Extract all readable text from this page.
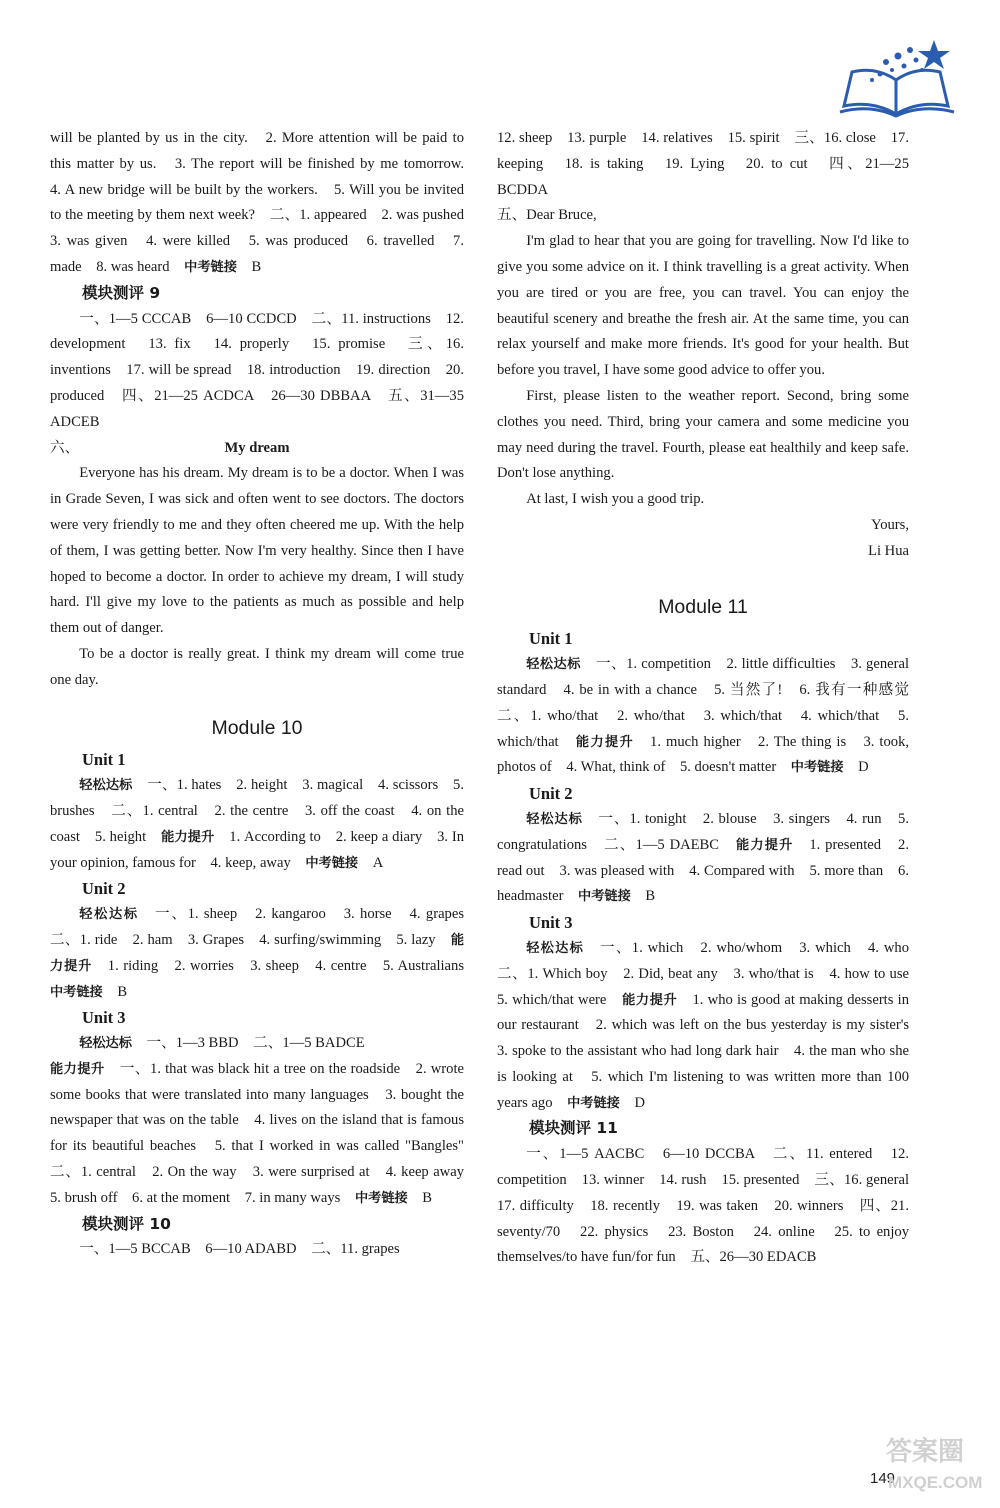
will be planted by us in the city.　2. More attention will be paid to this matter by us.　3. The report will be finished by me tomorrow.　4. A new bridge will be built by the workers.　5. Will you be invited to the meeting by them next week?　二、1. appeared　2. was pushed　3. was given　4. were killed　5. was produced　6. travelled　7. made　8. was heard　中考链接　B

模块测评 9

一、1—5 CCCAB　6—10 CCDCD　二、11. instructions　12. development　13. fix　14. properly　15. promise　三、16. inventions　17. will be spread　18. introduction　19. direction　20. produced　四、21—25 ACDCA　26—30 DBBAA　五、31—35 ADCEB

六、	My dream

Everyone has his dream. My dream is to be a doctor. When I was in Grade Seven, I was sick and often went to see doctors. The doctors were very friendly to me and they often cheered me up. With the help of them, I was getting better. Now I'm very healthy. Since then I have hoped to become a doctor. In order to achieve my dream, I will study hard. I'll give my love to the patients as much as possible and help them out of danger.

To be a doctor is really great. I think my dream will come true one day.

Module 10

Unit 1

轻松达标　一、1. hates　2. height　3. magical　4. scissors　5. brushes　二、1. central　2. the centre　3. off the coast　4. on the coast　5. height　能力提升　1. According to　2. keep a diary　3. In your opinion, famous for　4. keep, away　中考链接　A

Unit 2

轻松达标　一、1. sheep　2. kangaroo　3. horse　4. grapes　二、1. ride　2. ham　3. Grapes　4. surfing/swimming　5. lazy　能力提升　1. riding　2. worries　3. sheep　4. centre　5. Australians　中考链接　B

Unit 3

轻松达标　一、1—3 BBD　二、1—5 BADCE　
能力提升　一、1. that was black hit a tree on the roadside　2. wrote some books that were translated into many languages　3. bought the newspaper that was on the table　4. lives on the island that is famous for its beautiful beaches　5. that I worked in was called "Bangles"　二、1. central　2. On the way　3. were surprised at　4. keep away　5. brush off　6. at the moment　7. in many ways　中考链接　B

模块测评 10

一、1—5 BCCAB　6—10 ADABD　二、11. grapes

12. sheep　13. purple　14. relatives　15. spirit　三、16. close　17. keeping　18. is taking　19. Lying　20. to cut　四、21—25 BCDDA

五、Dear Bruce,

I'm glad to hear that you are going for travelling. Now I'd like to give you some advice on it. I think travelling is a great activity. When you are tired or you are free, you can travel. You can enjoy the beautiful scenery and breathe the fresh air. At the same time, you can relax yourself and make more friends. It's good for your health. But before you travel, I have some good advice to offer you.

First, please listen to the weather report. Second, bring some clothes you need. Third, bring your camera and some medicine you may need during the travel. Fourth, please eat healthily and keep safe. Don't lose anything.

At last, I wish you a good trip.

Yours,

Li Hua

Module 11

Unit 1

轻松达标　一、1. competition　2. little difficulties　3. general standard　4. be in with a chance　5. 当然了!　6. 我有一种感觉　二、1. who/that　2. who/that　3. which/that　4. which/that　5. which/that　能力提升　1. much higher　2. The thing is　3. took, photos of　4. What, think of　5. doesn't matter　中考链接　D

Unit 2

轻松达标　一、1. tonight　2. blouse　3. singers　4. run　5. congratulations　二、1—5 DAEBC　能力提升　1. presented　2. read out　3. was pleased with　4. Compared with　5. more than　6. headmaster　中考链接　B

Unit 3

轻松达标　一、1. which　2. who/whom　3. which　4. who　二、1. Which boy　2. Did, beat any　3. who/that is　4. how to use　5. which/that were　能力提升　1. who is good at making desserts in our restaurant　2. which was left on the bus yesterday is my sister's　3. spoke to the assistant who had long dark hair　4. the man who she is looking at　5. which I'm listening to was written more than 100 years ago　中考链接　D

模块测评 11

一、1—5 AACBC　6—10 DCCBA　二、11. entered　12. competition　13. winner　14. rush　15. presented　三、16. general　17. difficulty　18. recently　19. was taken　20. winners　四、21. seventy/70　22. physics　23. Boston　24. online　25. to enjoy themselves/to have fun/for fun　五、26—30 EDACB

149
答案圈
MXQE.COM
